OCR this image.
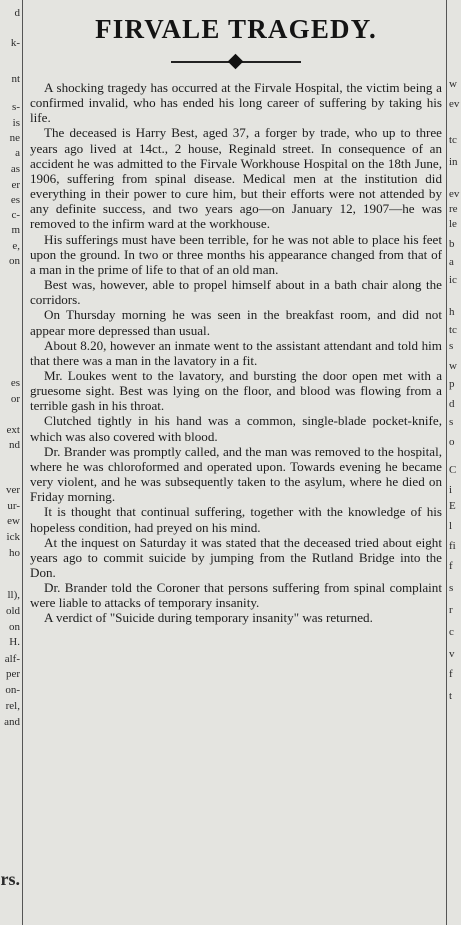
d
k-
nt
s-
is
ne
a
as
er
es
c-
m
e,
on
es
or
ext
nd
ver
ur-
ew
ick
ho
ll),
old
on
H.
alf-
per
on-
rel,
and
rs.
FIRVALE TRAGEDY.

A shocking tragedy has occurred at the Firvale Hospital, the victim being a confirmed invalid, who has ended his long career of suffering by taking his life.

The deceased is Harry Best, aged 37, a forger by trade, who up to three years ago lived at 14ct., 2 house, Reginald street. In consequence of an accident he was admitted to the Firvale Workhouse Hospital on the 18th June, 1906, suffering from spinal disease. Medical men at the institution did everything in their power to cure him, but their efforts were not attended by any definite success, and two years ago—on January 12, 1907—he was removed to the infirm ward at the workhouse.

His sufferings must have been terrible, for he was not able to place his feet upon the ground. In two or three months his appearance changed from that of a man in the prime of life to that of an old man.

Best was, however, able to propel himself about in a bath chair along the corridors.

On Thursday morning he was seen in the breakfast room, and did not appear more depressed than usual.

About 8.20, however an inmate went to the assistant attendant and told him that there was a man in the lavatory in a fit.

Mr. Loukes went to the lavatory, and bursting the door open met with a gruesome sight. Best was lying on the floor, and blood was flowing from a terrible gash in his throat.

Clutched tightly in his hand was a common, single-blade pocket-knife, which was also covered with blood.

Dr. Brander was promptly called, and the man was removed to the hospital, where he was chloroformed and operated upon. Towards evening he became very violent, and he was subsequently taken to the asylum, where he died on Friday morning.

It is thought that continual suffering, together with the knowledge of his hopeless condition, had preyed on his mind.

At the inquest on Saturday it was stated that the deceased tried about eight years ago to commit suicide by jumping from the Rutland Bridge into the Don.

Dr. Brander told the Coroner that persons suffering from spinal complaint were liable to attacks of temporary insanity.

A verdict of "Suicide during temporary insanity" was returned.

w
ev
tc
in
ev
re
le
b
a
ic
h
tc
s
w
p
d
s
o
C
i
E
l
fi
f
s
r
c
v
f
t
